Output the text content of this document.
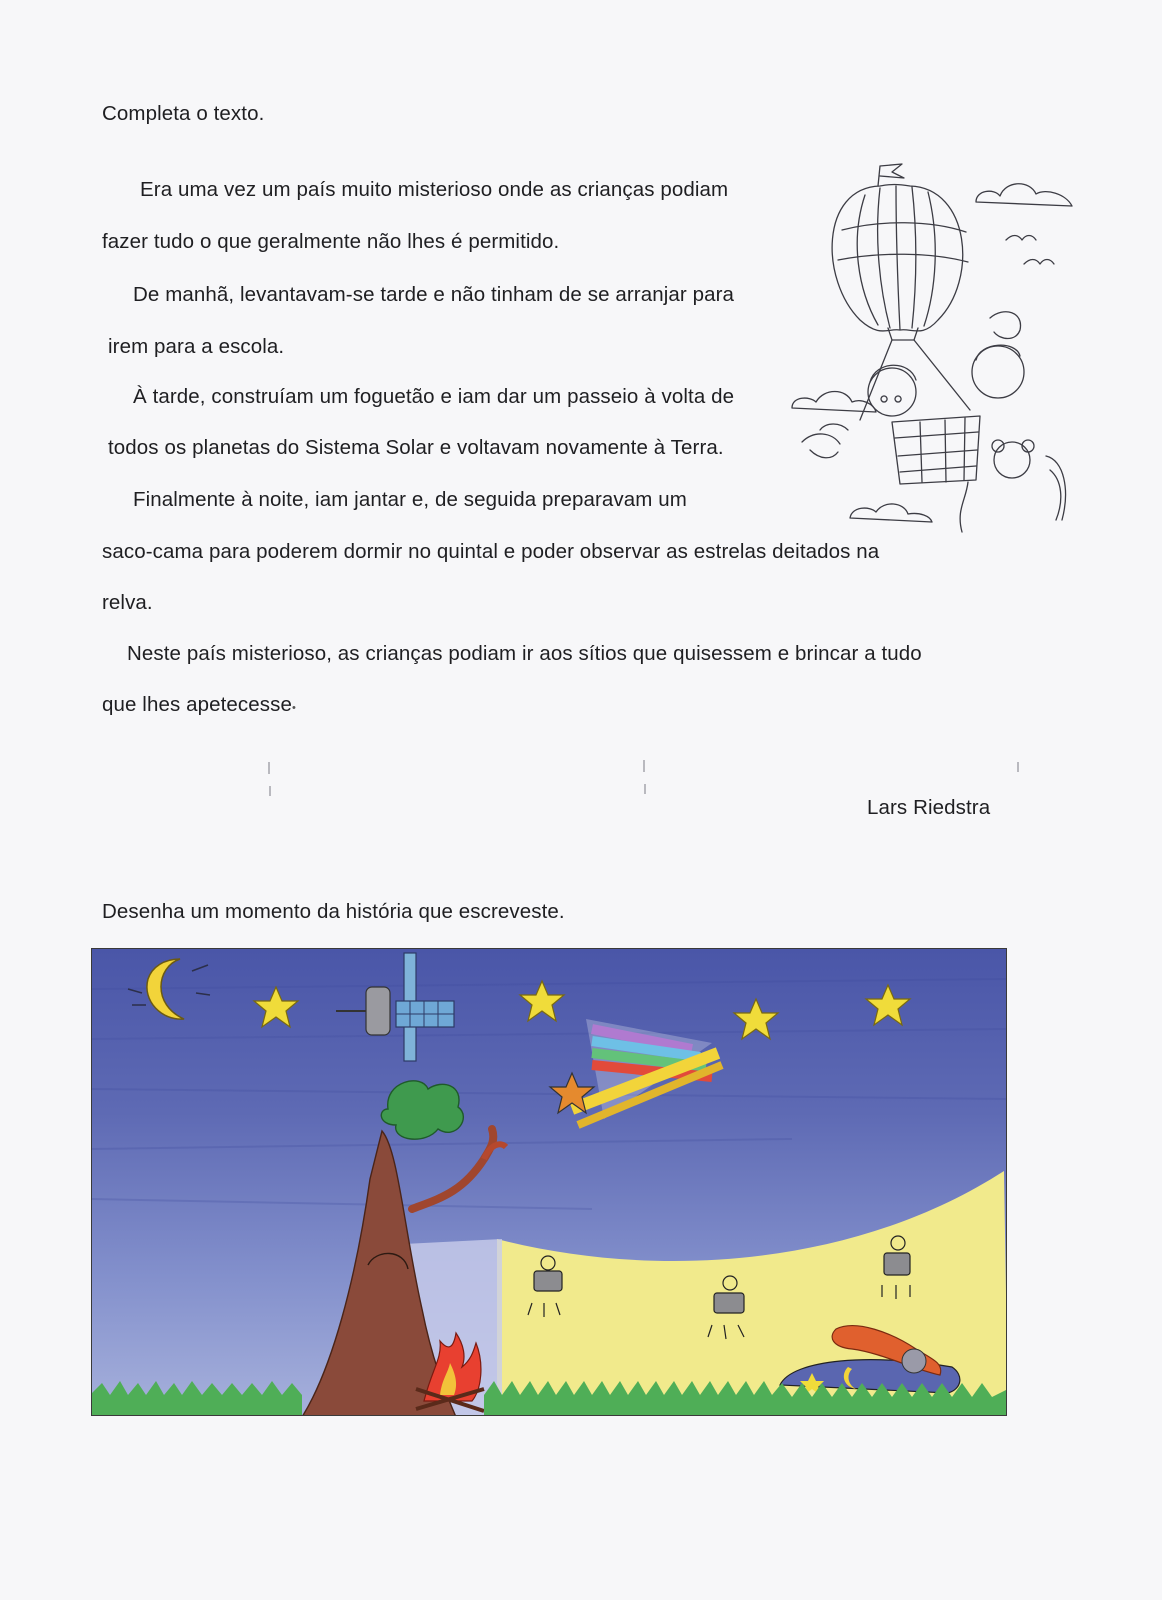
Completa o texto.
Era uma vez um país muito misterioso onde as crianças podiam
fazer tudo o que geralmente não lhes é permitido.
De manhã, levantavam-se tarde e não tinham de se arranjar para
irem para a escola.
À tarde, construíam um foguetão e iam dar um passeio à volta de
todos os planetas do Sistema Solar e voltavam novamente à Terra.
Finalmente à noite, iam jantar e, de seguida preparavam um
saco-cama para poderem dormir no quintal e poder observar as estrelas deitados na
relva.
Neste país misterioso, as crianças podiam ir aos sítios que quisessem e brincar a tudo
que lhes apetecesse•
Lars Riedstra
Desenha um momento da história que escreveste.
